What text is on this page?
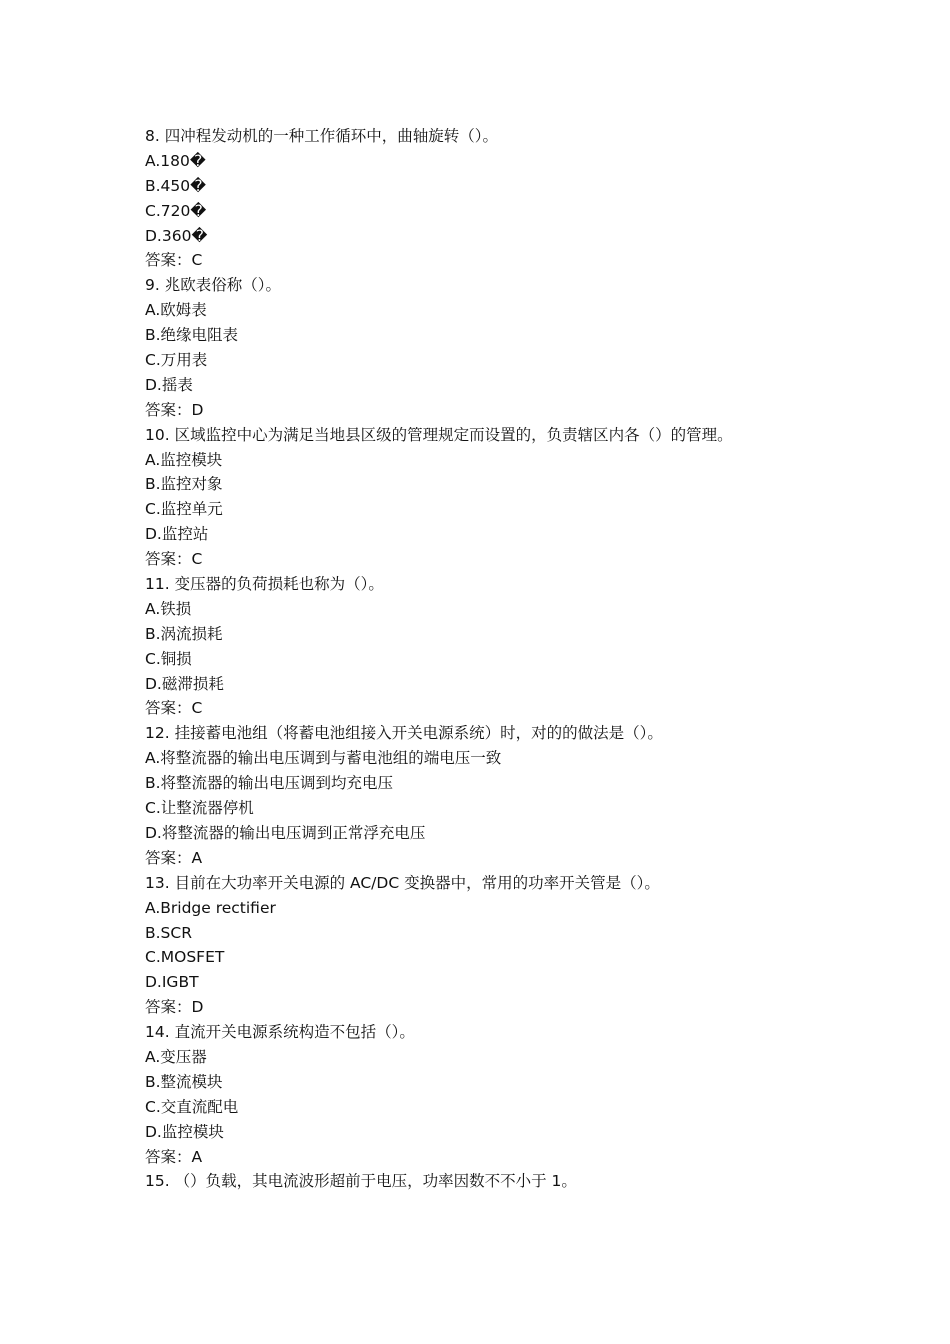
8. 四冲程发动机的一种工作循环中，曲轴旋转（）。
A.180�
B.450�
C.720�
D.360�
答案：C
9. 兆欧表俗称（）。
A.欧姆表
B.绝缘电阻表
C.万用表
D.摇表
答案：D
10. 区域监控中心为满足当地县区级的管理规定而设置的，负责辖区内各（）的管理。
A.监控模块
B.监控对象
C.监控单元
D.监控站
答案：C
11. 变压器的负荷损耗也称为（）。
A.铁损
B.涡流损耗
C.铜损
D.磁滞损耗
答案：C
12. 挂接蓄电池组（将蓄电池组接入开关电源系统）时，对的的做法是（）。
A.将整流器的输出电压调到与蓄电池组的端电压一致
B.将整流器的输出电压调到均充电压
C.让整流器停机
D.将整流器的输出电压调到正常浮充电压
答案：A
13. 目前在大功率开关电源的 AC/DC 变换器中，常用的功率开关管是（）。
A.Bridge rectifier
B.SCR
C.MOSFET
D.IGBT
答案：D
14. 直流开关电源系统构造不包括（）。
A.变压器
B.整流模块
C.交直流配电
D.监控模块
答案：A
15. （）负载，其电流波形超前于电压，功率因数不不小于 1。
